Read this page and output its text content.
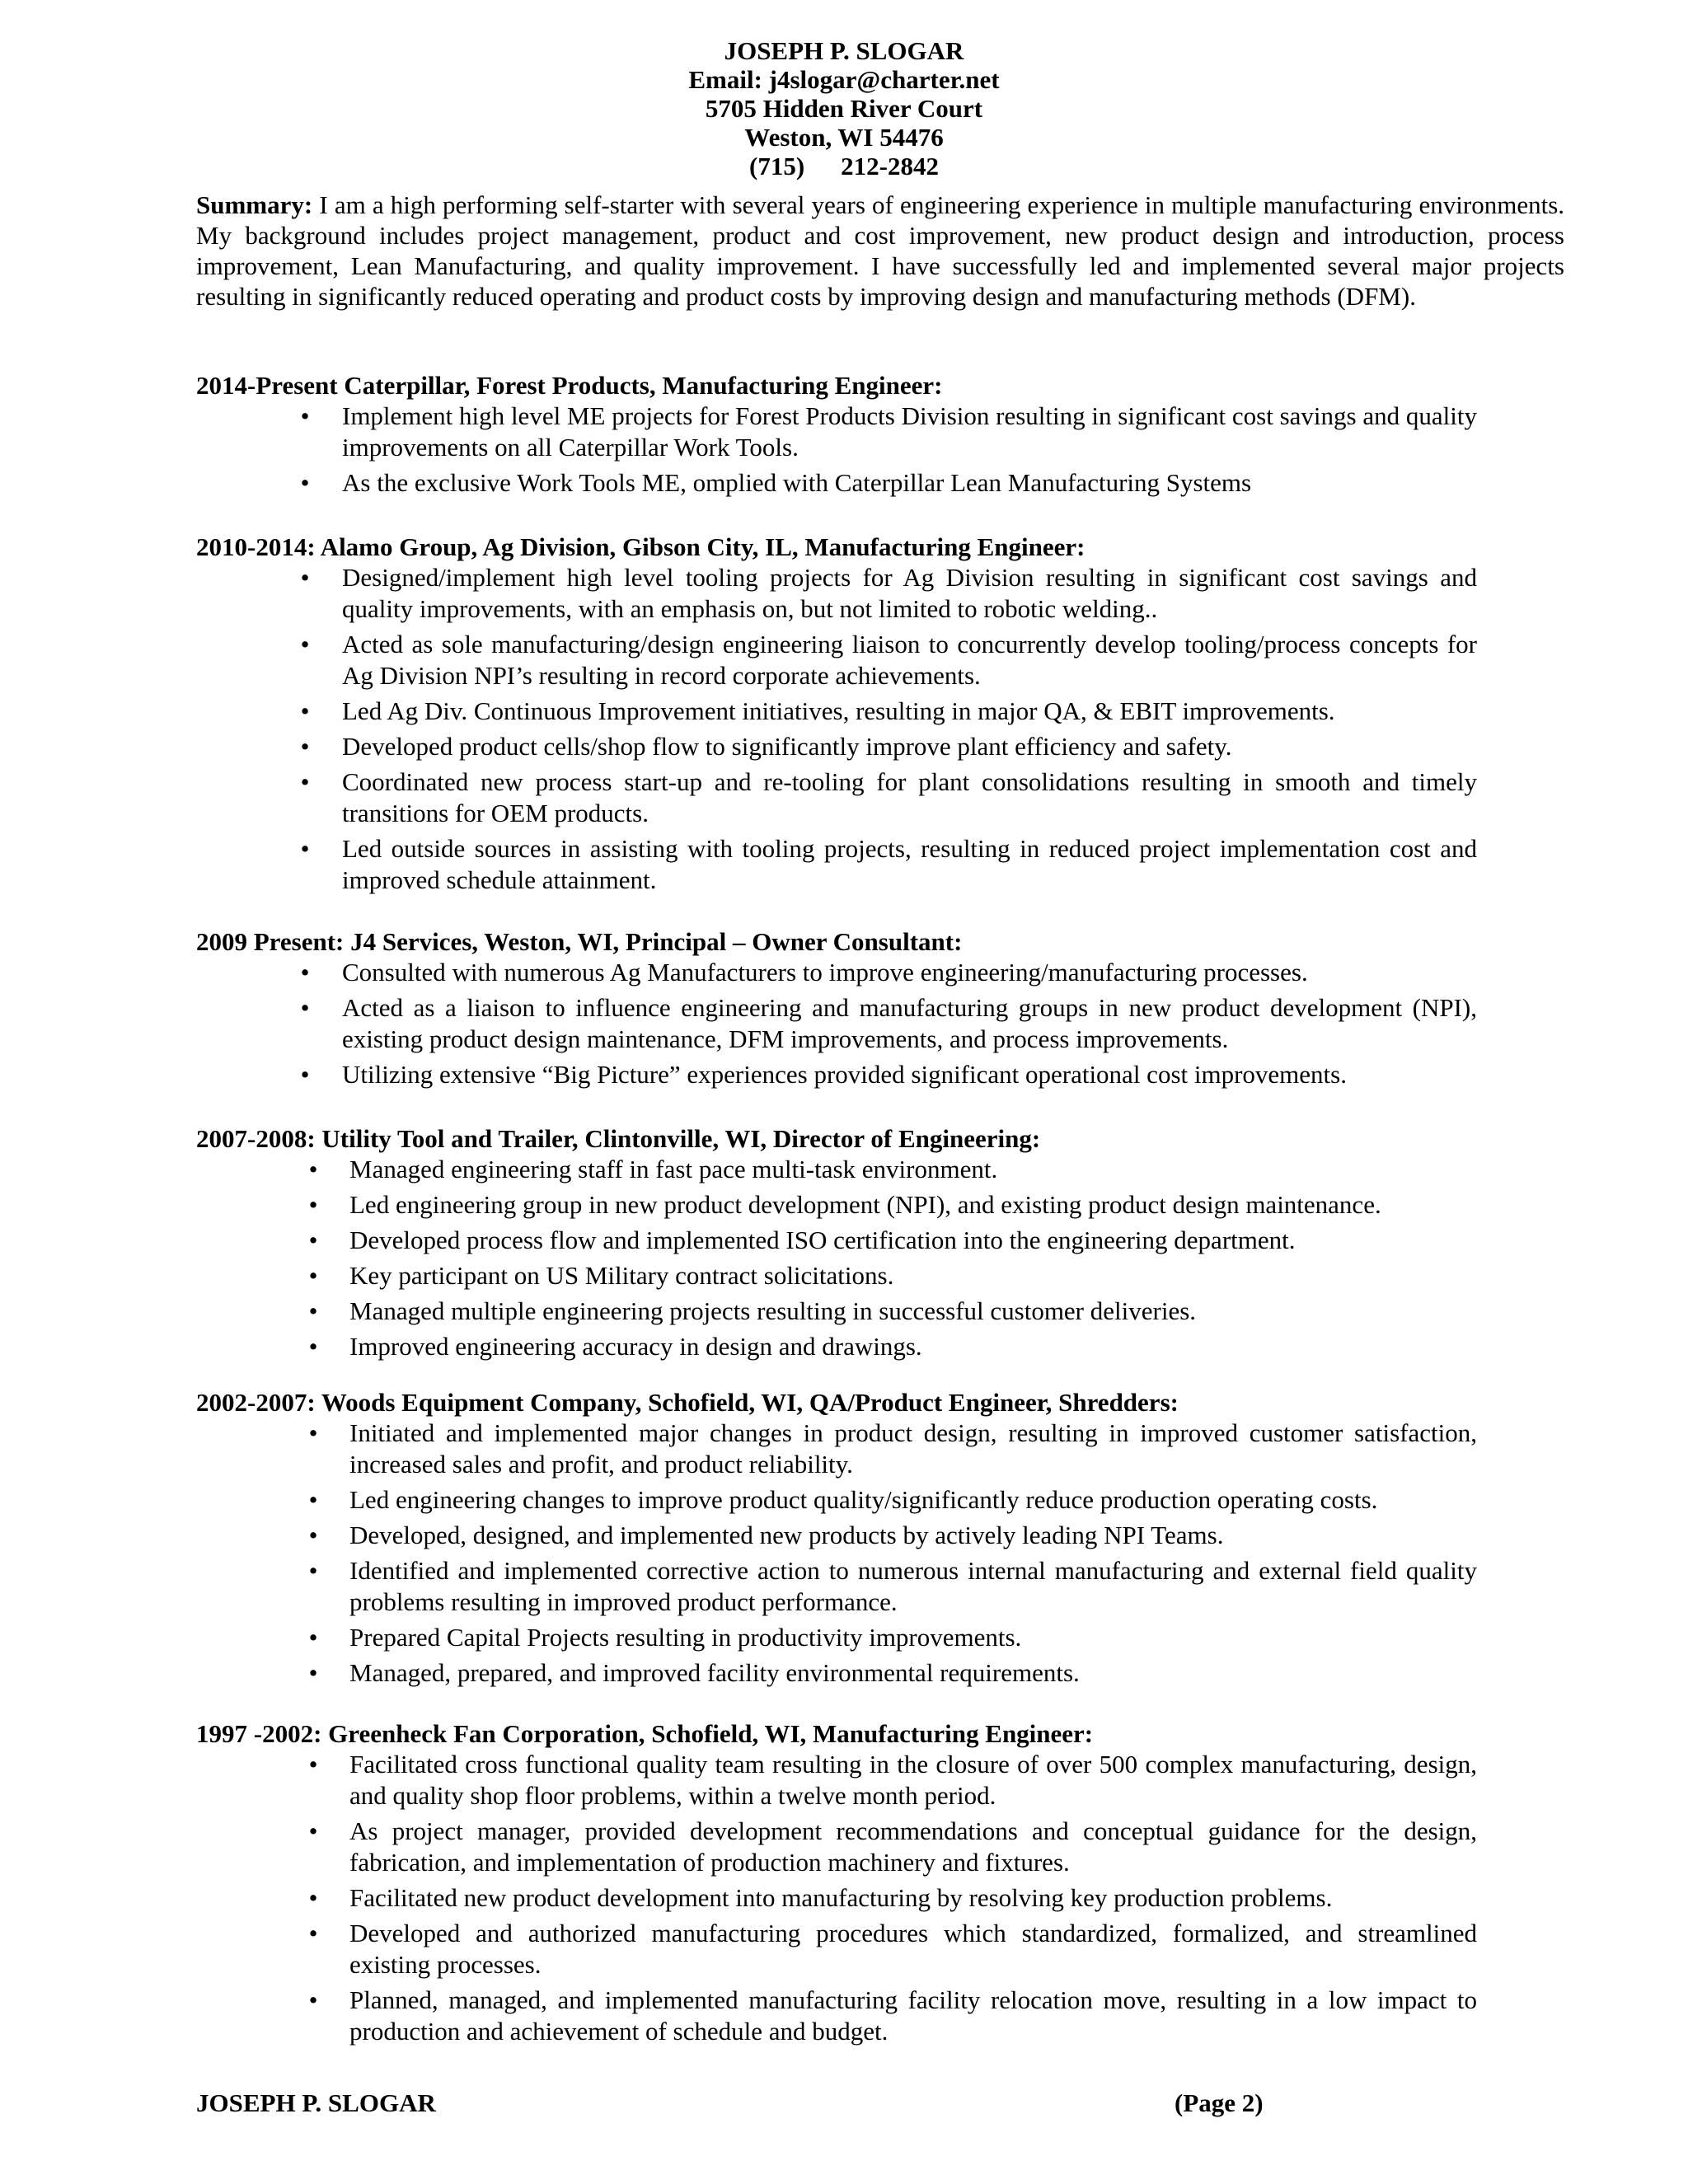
JOSEPH P. SLOGAR
Email: j4slogar@charter.net
5705 Hidden River Court
Weston, WI 54476
(715) 212-2842
Summary: I am a high performing self-starter with several years of engineering experience in multiple manufacturing environments. My background includes project management, product and cost improvement, new product design and introduction, process improvement, Lean Manufacturing, and quality improvement. I have successfully led and implemented several major projects resulting in significantly reduced operating and product costs by improving design and manufacturing methods (DFM).

2014-Present Caterpillar, Forest Products, Manufacturing Engineer:

• Implement high level ME projects for Forest Products Division resulting in significant cost savings and quality improvements on all Caterpillar Work Tools.
• As the exclusive Work Tools ME, omplied with Caterpillar Lean Manufacturing Systems

2010-2014: Alamo Group, Ag Division, Gibson City, IL, Manufacturing Engineer:

• Designed/implement high level tooling projects for Ag Division resulting in significant cost savings and quality improvements, with an emphasis on, but not limited to robotic welding..
• Acted as sole manufacturing/design engineering liaison to concurrently develop tooling/process concepts for Ag Division NPI’s resulting in record corporate achievements.
• Led Ag Div. Continuous Improvement initiatives, resulting in major QA, & EBIT improvements.
• Developed product cells/shop flow to significantly improve plant efficiency and safety.
• Coordinated new process start-up and re-tooling for plant consolidations resulting in smooth and timely transitions for OEM products.
• Led outside sources in assisting with tooling projects, resulting in reduced project implementation cost and improved schedule attainment.

2009 Present: J4 Services, Weston, WI, Principal – Owner Consultant:

• Consulted with numerous Ag Manufacturers to improve engineering/manufacturing processes.
• Acted as a liaison to influence engineering and manufacturing groups in new product development (NPI), existing product design maintenance, DFM improvements, and process improvements.
• Utilizing extensive “Big Picture” experiences provided significant operational cost improvements.

2007-2008: Utility Tool and Trailer, Clintonville, WI, Director of Engineering:

• Managed engineering staff in fast pace multi-task environment.
• Led engineering group in new product development (NPI), and existing product design maintenance.
• Developed process flow and implemented ISO certification into the engineering department.
• Key participant on US Military contract solicitations.
• Managed multiple engineering projects resulting in successful customer deliveries.
• Improved engineering accuracy in design and drawings.

2002-2007: Woods Equipment Company, Schofield, WI, QA/Product Engineer, Shredders:

• Initiated and implemented major changes in product design, resulting in improved customer satisfaction, increased sales and profit, and product reliability.
• Led engineering changes to improve product quality/significantly reduce production operating costs.
• Developed, designed, and implemented new products by actively leading NPI Teams.
• Identified and implemented corrective action to numerous internal manufacturing and external field quality problems resulting in improved product performance.
• Prepared Capital Projects resulting in productivity improvements.
• Managed, prepared, and improved facility environmental requirements.

1997 -2002: Greenheck Fan Corporation, Schofield, WI, Manufacturing Engineer:

• Facilitated cross functional quality team resulting in the closure of over 500 complex manufacturing, design, and quality shop floor problems, within a twelve month period.
• As project manager, provided development recommendations and conceptual guidance for the design, fabrication, and implementation of production machinery and fixtures.
• Facilitated new product development into manufacturing by resolving key production problems.
• Developed and authorized manufacturing procedures which standardized, formalized, and streamlined existing processes.
• Planned, managed, and implemented manufacturing facility relocation move, resulting in a low impact to production and achievement of schedule and budget.
JOSEPH P. SLOGAR	(Page 2)
